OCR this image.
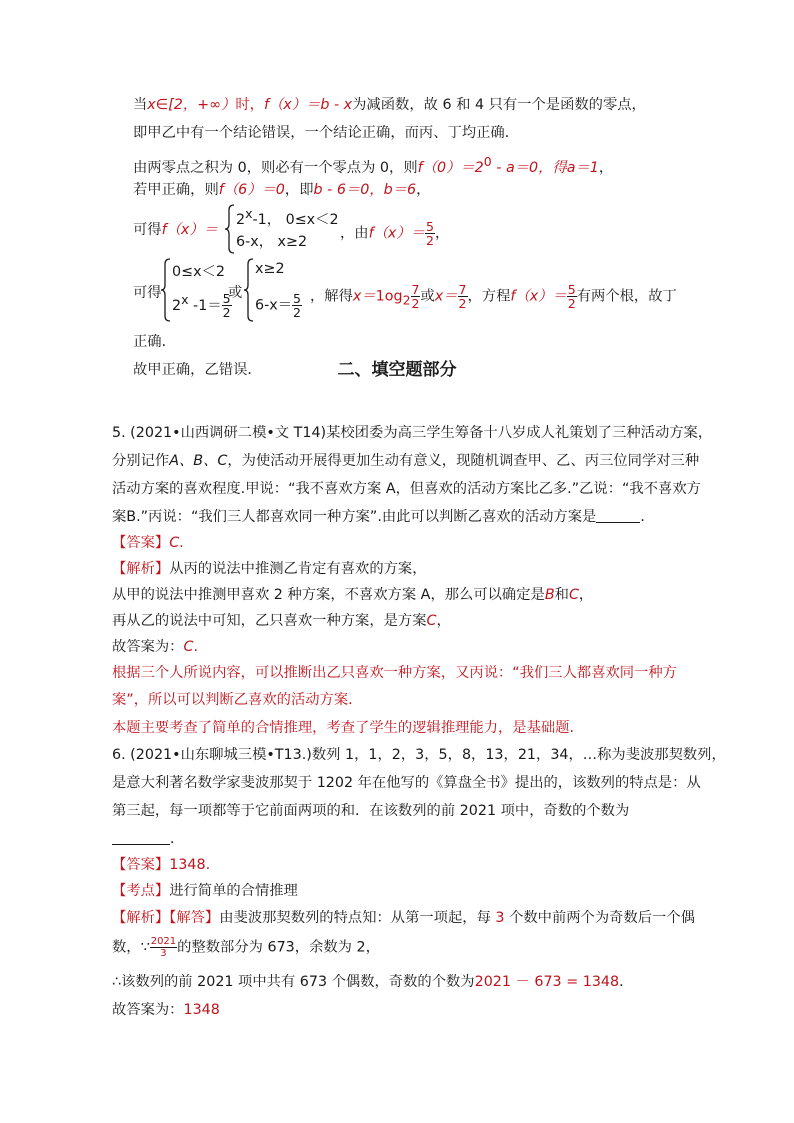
当x∈[2，+∞）时，f（x）＝b - x为减函数，故 6 和 4 只有一个是函数的零点，
即甲乙中有一个结论错误，一个结论正确，而丙、丁均正确．
由两零点之积为 0，则必有一个零点为 0，则$f(0)=2^0 - a=0$，得a＝1，
若甲正确，则f（6）＝0，即b - 6＝0，b＝6，
可得f（x）＝
$2^x-1$， 0≤x＜2
6-x， x≥2
，由$f(x)= \frac{5}{2}$ ，
可得
0≤x＜2
2$^x$ $-1= \frac{5}{2}$
或
x≥2
$6-x= \frac{5}{2}$ ，解得$x=1og_2 \frac{7}{2}$ 或$x= \frac{7}{2}$ ，方程$f(x)= \frac{5}{2}$ 有两个根，故丁
正确．
故甲正确，乙错误．	二、填空题部分
5. (2021•山西调研二模•文 T14)某校团委为高三学生筹备十八岁成人礼策划了三种活动方案，
分别记作A、B、C，为使活动开展得更加生动有意义，现随机调查甲、乙、丙三位同学对三种
活动方案的喜欢程度.甲说：“我不喜欢方案 A，但喜欢的活动方案比乙多.”乙说：“我不喜欢方
案B.”丙说：“我们三人都喜欢同一种方案”.由此可以判断乙喜欢的活动方案是	．
【答案】C.
【解析】从丙的说法中推测乙肯定有喜欢的方案，
从甲的说法中推测甲喜欢 2 种方案，不喜欢方案 A，那么可以确定是B和C，
再从乙的说法中可知，乙只喜欢一种方案，是方案C，
故答案为：C.
根据三个人所说内容，可以推断出乙只喜欢一种方案，又丙说：“我们三人都喜欢同一种方
案”，所以可以判断乙喜欢的活动方案．
本题主要考查了简单的合情推理，考查了学生的逻辑推理能力，是基础题．
6. (2021•山东聊城三模•T13.)数列 1，1，2，3，5，8，13，21，34，…称为斐波那契数列，
是意大利著名数学家斐波那契于 1202 年在他写的《算盘全书》提出的，该数列的特点是：从
第三起，每一项都等于它前面两项的和．在该数列的前 2021 项中，奇数的个数为
．
【答案】1348.
【考点】进行简单的合情推理
【解析】【解答】由斐波那契数列的特点知：从第一项起，每 3 个数中前两个为奇数后一个偶
数，∵ $\frac{2021}{3}$ 的整数部分为 673，余数为 2，
∴该数列的前 2021 项中共有 673 个偶数，奇数的个数为2021 － 673 = 1348．
故答案为：1348
